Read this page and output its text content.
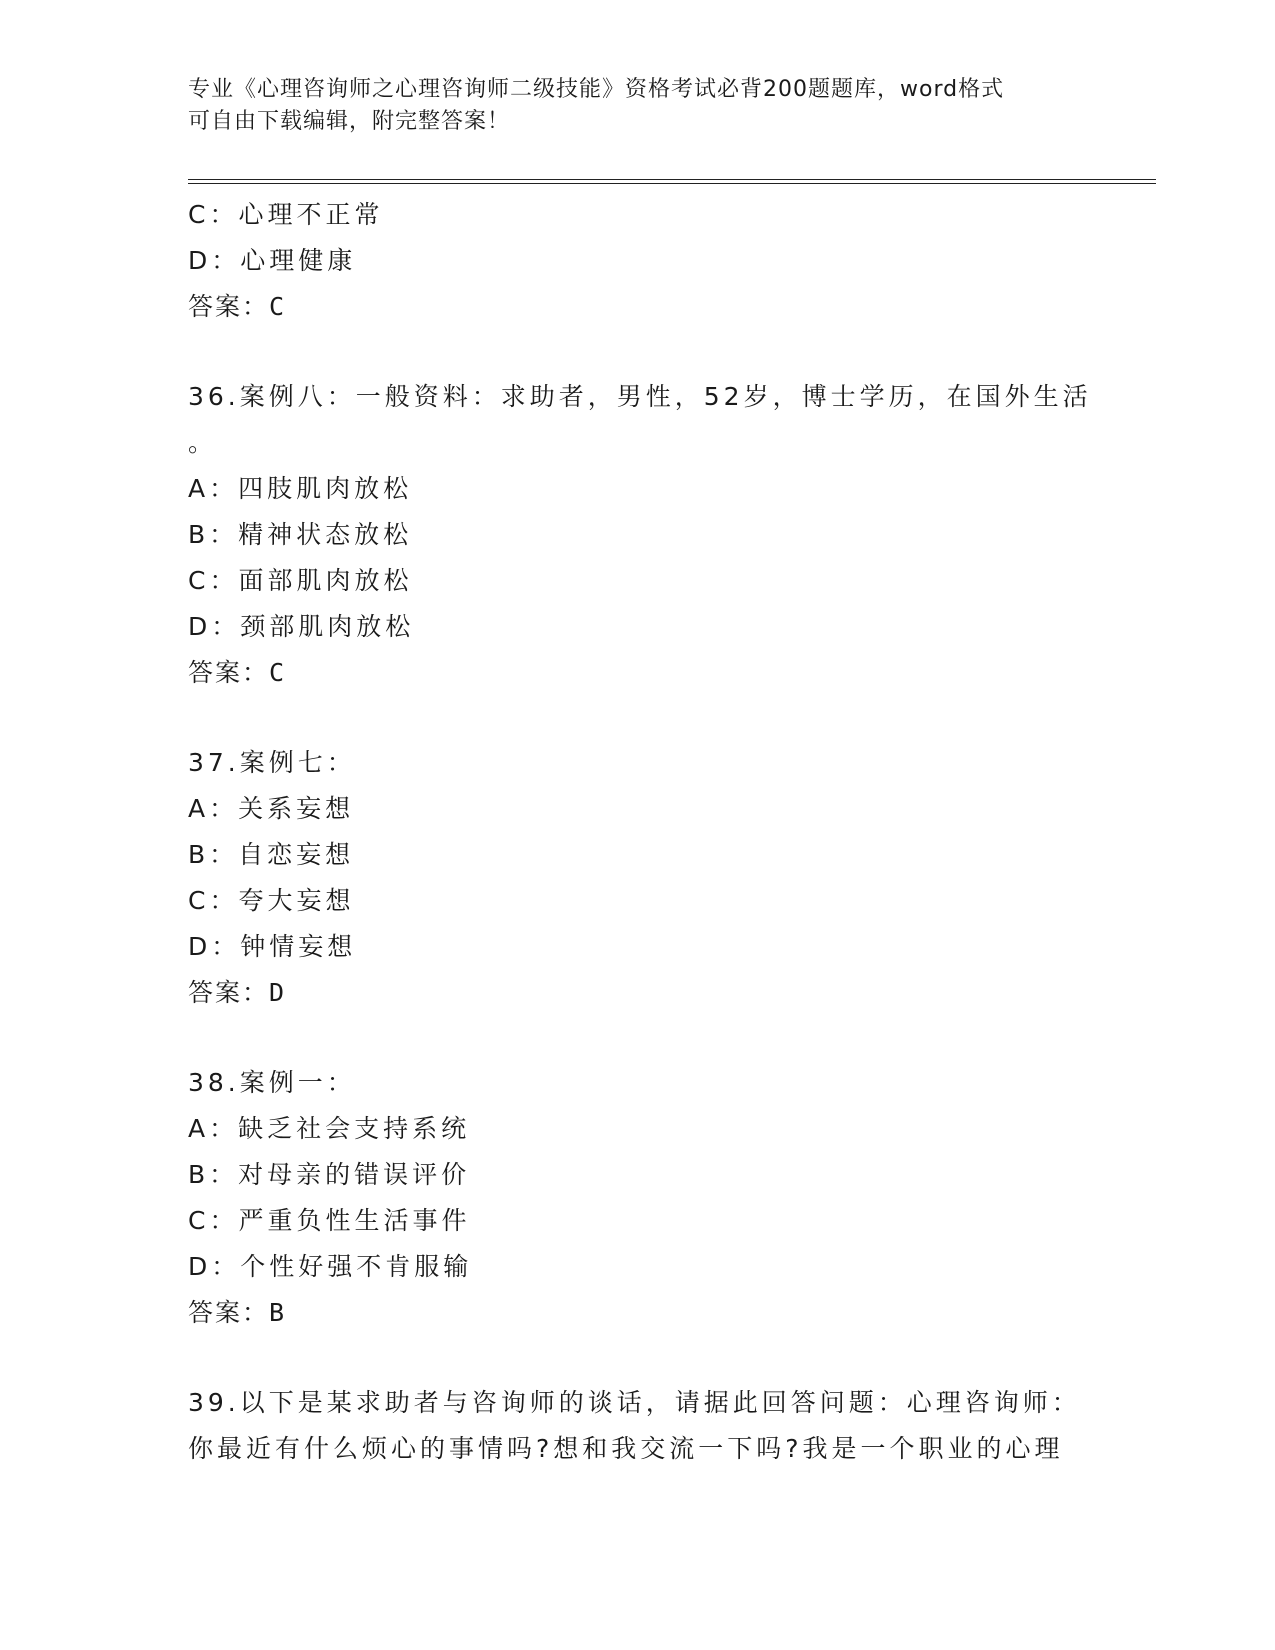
专业《心理咨询师之心理咨询师二级技能》资格考试必背200题题库，word格式
可自由下载编辑，附完整答案！
C：心理不正常
D：心理健康
答案：C
36.案例八：一般资料：求助者，男性，52岁，博士学历，在国外生活
。
A：四肢肌肉放松
B：精神状态放松
C：面部肌肉放松
D：颈部肌肉放松
答案：C
37.案例七：
A：关系妄想
B：自恋妄想
C：夸大妄想
D：钟情妄想
答案：D
38.案例一：
A：缺乏社会支持系统
B：对母亲的错误评价
C：严重负性生活事件
D：个性好强不肯服输
答案：B
39.以下是某求助者与咨询师的谈话，请据此回答问题：心理咨询师：
你最近有什么烦心的事情吗?想和我交流一下吗?我是一个职业的心理
